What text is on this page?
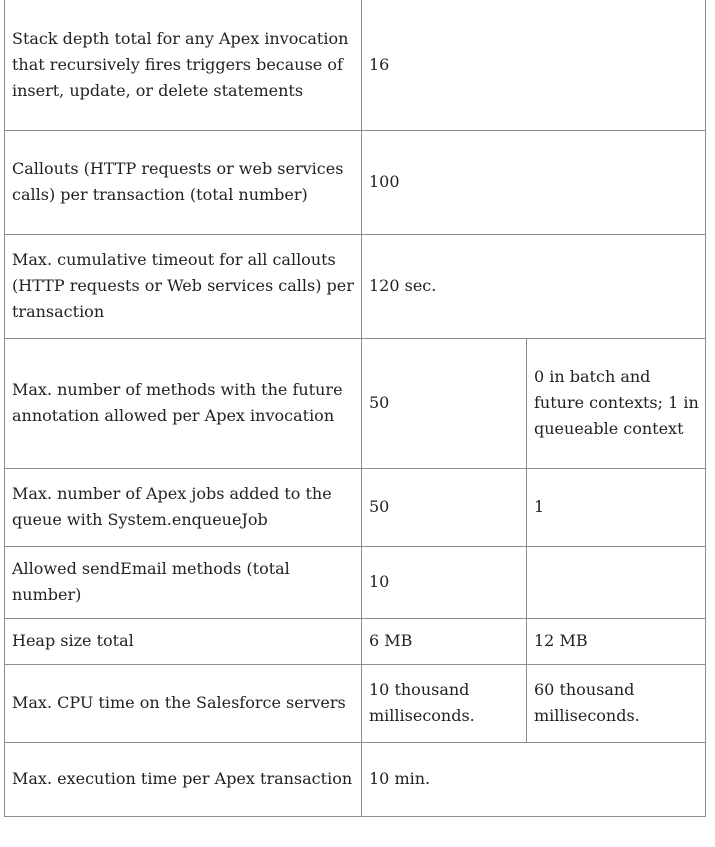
Stack depth total for any Apex invocation that recursively fires triggers because of insert, update, or delete statements	16	
Callouts (HTTP requests or web services calls) per transaction (total number)	100	
Max. cumulative timeout for all callouts (HTTP requests or Web services calls) per transaction	120 sec.	
Max. number of methods with the future annotation allowed per Apex invocation	50	0 in batch and future contexts; 1 in queueable context
Max. number of Apex jobs added to the queue with System.enqueueJob	50	1
Allowed sendEmail methods (total number)	10	
Heap size total	6 MB	12 MB
Max. CPU time on the Salesforce servers	10 thousand milliseconds.	60 thousand milliseconds.
Max. execution time per Apex transaction	10 min.	
